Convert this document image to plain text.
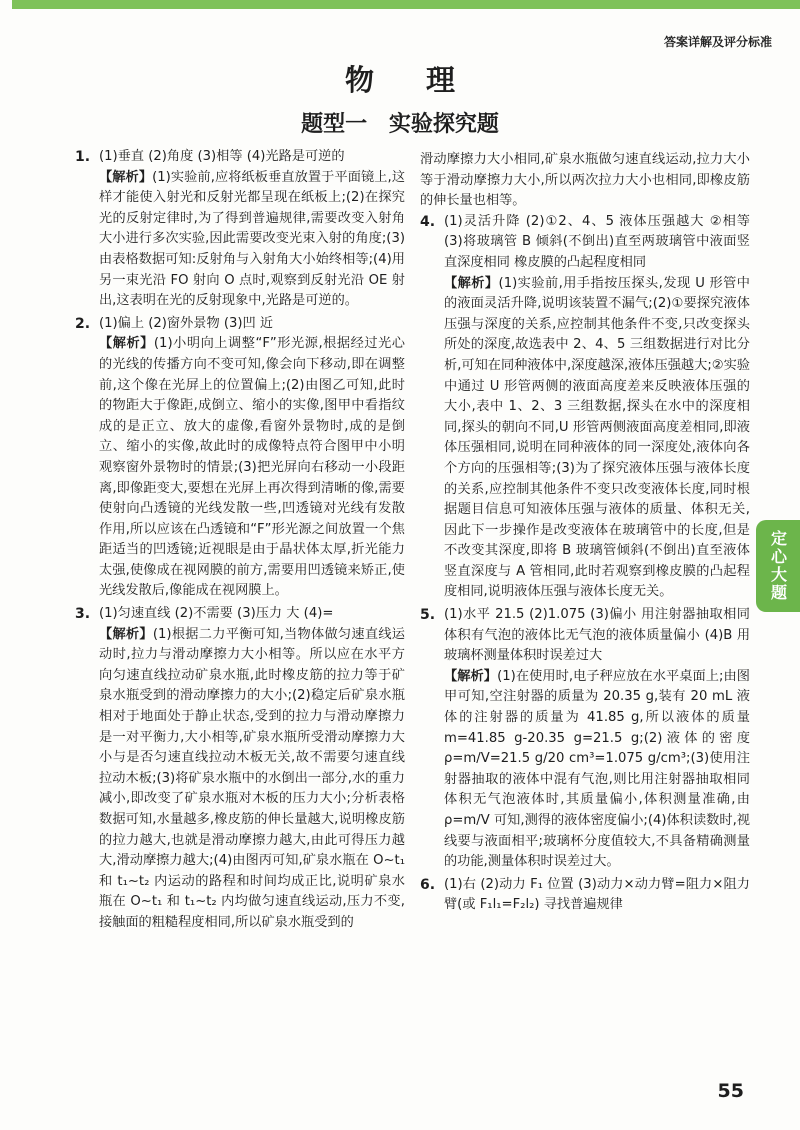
答案详解及评分标准
物理
题型一 实验探究题
1. (1)垂直 (2)角度 (3)相等 (4)光路是可逆的
【解析】(1)实验前,应将纸板垂直放置于平面镜上,这样才能使入射光和反射光都呈现在纸板上;(2)在探究光的反射定律时,为了得到普遍规律,需要改变入射角大小进行多次实验,因此需要改变光束入射的角度;(3)由表格数据可知:反射角与入射角大小始终相等;(4)用另一束光沿 FO 射向 O 点时,观察到反射光沿 OE 射出,这表明在光的反射现象中,光路是可逆的。
2. (1)偏上 (2)窗外景物 (3)凹 近
【解析】(1)小明向上调整“F”形光源,根据经过光心的光线的传播方向不变可知,像会向下移动,即在调整前,这个像在光屏上的位置偏上;(2)由图乙可知,此时的物距大于像距,成倒立、缩小的实像,图甲中看指纹成的是正立、放大的虚像,看窗外景物时,成的是倒立、缩小的实像,故此时的成像特点符合图甲中小明观察窗外景物时的情景;(3)把光屏向右移动一小段距离,即像距变大,要想在光屏上再次得到清晰的像,需要使射向凸透镜的光线发散一些,凹透镜对光线有发散作用,所以应该在凸透镜和“F”形光源之间放置一个焦距适当的凹透镜;近视眼是由于晶状体太厚,折光能力太强,使像成在视网膜的前方,需要用凹透镜来矫正,使光线发散后,像能成在视网膜上。
3. (1)匀速直线 (2)不需要 (3)压力 大 (4)=
【解析】(1)根据二力平衡可知,当物体做匀速直线运动时,拉力与滑动摩擦力大小相等。所以应在水平方向匀速直线拉动矿泉水瓶,此时橡皮筋的拉力等于矿泉水瓶受到的滑动摩擦力的大小;(2)稳定后矿泉水瓶相对于地面处于静止状态,受到的拉力与滑动摩擦力是一对平衡力,大小相等,矿泉水瓶所受滑动摩擦力大小与是否匀速直线拉动木板无关,故不需要匀速直线拉动木板;(3)将矿泉水瓶中的水倒出一部分,水的重力减小,即改变了矿泉水瓶对木板的压力大小;分析表格数据可知,水量越多,橡皮筋的伸长量越大,说明橡皮筋的拉力越大,也就是滑动摩擦力越大,由此可得压力越大,滑动摩擦力越大;(4)由图丙可知,矿泉水瓶在 O~t₁ 和 t₁~t₂ 内运动的路程和时间均成正比,说明矿泉水瓶在 O~t₁ 和 t₁~t₂ 内均做匀速直线运动,压力不变,接触面的粗糙程度相同,所以矿泉水瓶受到的
滑动摩擦力大小相同,矿泉水瓶做匀速直线运动,拉力大小等于滑动摩擦力大小,所以两次拉力大小也相同,即橡皮筋的伸长量也相等。
4. (1)灵活升降 (2)①2、4、5 液体压强越大 ②相等 (3)将玻璃管 B 倾斜(不倒出)直至两玻璃管中液面竖直深度相同 橡皮膜的凸起程度相同
【解析】(1)实验前,用手指按压探头,发现 U 形管中的液面灵活升降,说明该装置不漏气;(2)①要探究液体压强与深度的关系,应控制其他条件不变,只改变探头所处的深度,故选表中 2、4、5 三组数据进行对比分析,可知在同种液体中,深度越深,液体压强越大;②实验中通过 U 形管两侧的液面高度差来反映液体压强的大小,表中 1、2、3 三组数据,探头在水中的深度相同,探头的朝向不同,U 形管两侧液面高度差相同,即液体压强相同,说明在同种液体的同一深度处,液体向各个方向的压强相等;(3)为了探究液体压强与液体长度的关系,应控制其他条件不变只改变液体长度,同时根据题目信息可知液体压强与液体的质量、体积无关,因此下一步操作是改变液体在玻璃管中的长度,但是不改变其深度,即将 B 玻璃管倾斜(不倒出)直至液体竖直深度与 A 管相同,此时若观察到橡皮膜的凸起程度相同,说明液体压强与液体长度无关。
5. (1)水平 21.5 (2)1.075 (3)偏小 用注射器抽取相同体积有气泡的液体比无气泡的液体质量偏小 (4)B 用玻璃杯测量体积时误差过大
【解析】(1)在使用时,电子秤应放在水平桌面上;由图甲可知,空注射器的质量为 20.35 g,装有 20 mL 液体的注射器的质量为 41.85 g,所以液体的质量 m=41.85 g-20.35 g=21.5 g;(2)液体的密度 ρ=m/V=21.5 g/20 cm³=1.075 g/cm³;(3)使用注射器抽取的液体中混有气泡,则比用注射器抽取相同体积无气泡液体时,其质量偏小,体积测量准确,由 ρ=m/V 可知,测得的液体密度偏小;(4)体积读数时,视线要与液面相平;玻璃杯分度值较大,不具备精确测量的功能,测量体积时误差过大。
6. (1)右 (2)动力 F₁ 位置 (3)动力×动力臂=阻力×阻力臂(或 F₁l₁=F₂l₂) 寻找普遍规律
定心大题
55
